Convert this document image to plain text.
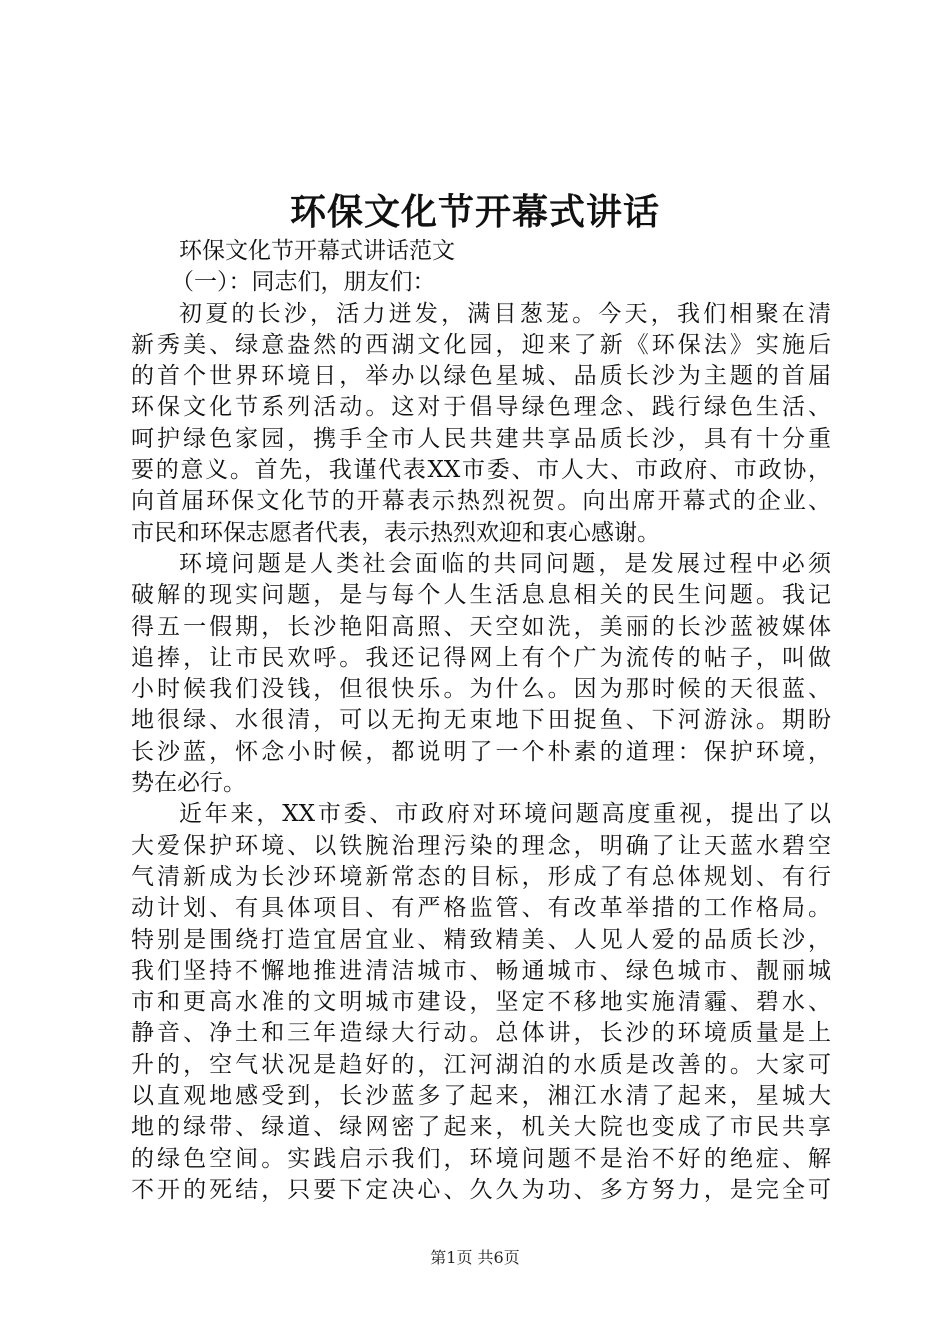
环保文化节开幕式讲话
环保文化节开幕式讲话范文
（一）：同志们，朋友们：
初夏的长沙，活力迸发，满目葱茏。今天，我们相聚在清
新秀美、绿意盎然的西湖文化园，迎来了新《环保法》实施后
的首个世界环境日，举办以绿色星城、品质长沙为主题的首届
环保文化节系列活动。这对于倡导绿色理念、践行绿色生活、
呵护绿色家园，携手全市人民共建共享品质长沙，具有十分重
要的意义。首先，我谨代表XX市委、市人大、市政府、市政协，
向首届环保文化节的开幕表示热烈祝贺。向出席开幕式的企业、
市民和环保志愿者代表，表示热烈欢迎和衷心感谢。
环境问题是人类社会面临的共同问题，是发展过程中必须
破解的现实问题，是与每个人生活息息相关的民生问题。我记
得五一假期，长沙艳阳高照、天空如洗，美丽的长沙蓝被媒体
追捧，让市民欢呼。我还记得网上有个广为流传的帖子，叫做
小时候我们没钱，但很快乐。为什么。因为那时候的天很蓝、
地很绿、水很清，可以无拘无束地下田捉鱼、下河游泳。期盼
长沙蓝，怀念小时候，都说明了一个朴素的道理：保护环境，
势在必行。
近年来，XX市委、市政府对环境问题高度重视，提出了以
大爱保护环境、以铁腕治理污染的理念，明确了让天蓝水碧空
气清新成为长沙环境新常态的目标，形成了有总体规划、有行
动计划、有具体项目、有严格监管、有改革举措的工作格局。
特别是围绕打造宜居宜业、精致精美、人见人爱的品质长沙，
我们坚持不懈地推进清洁城市、畅通城市、绿色城市、靓丽城
市和更高水准的文明城市建设，坚定不移地实施清霾、碧水、
静音、净土和三年造绿大行动。总体讲，长沙的环境质量是上
升的，空气状况是趋好的，江河湖泊的水质是改善的。大家可
以直观地感受到，长沙蓝多了起来，湘江水清了起来，星城大
地的绿带、绿道、绿网密了起来，机关大院也变成了市民共享
的绿色空间。实践启示我们，环境问题不是治不好的绝症、解
不开的死结，只要下定决心、久久为功、多方努力，是完全可
第1页 共6页
